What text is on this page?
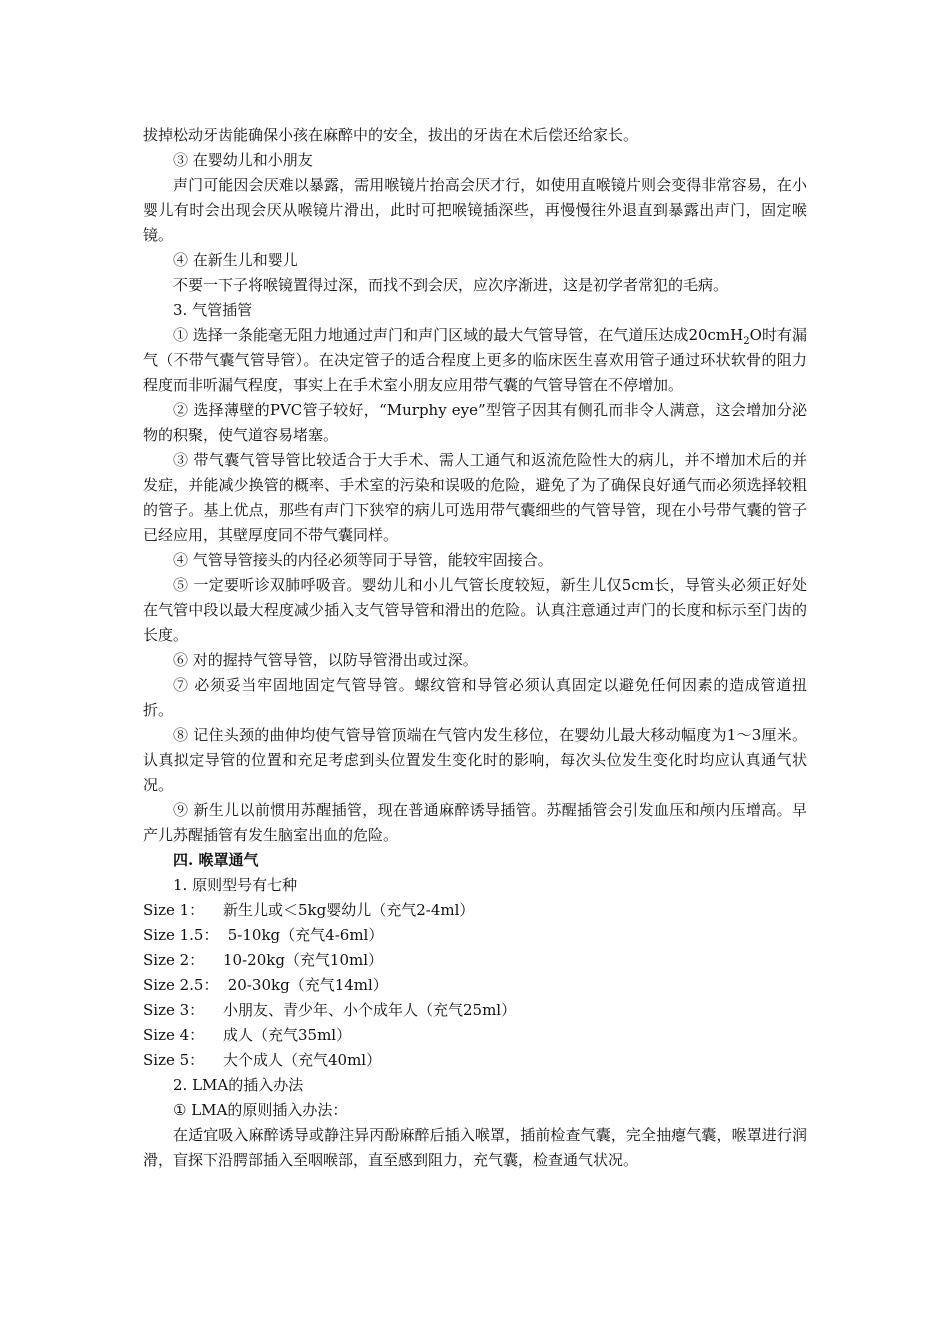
拔掉松动牙齿能确保小孩在麻醉中的安全，拔出的牙齿在术后偿还给家长。

③ 在婴幼儿和小朋友

声门可能因会厌难以暴露，需用喉镜片抬高会厌才行，如使用直喉镜片则会变得非常容易，在小婴儿有时会出现会厌从喉镜片滑出，此时可把喉镜插深些，再慢慢往外退直到暴露出声门，固定喉镜。

④ 在新生儿和婴儿

不要一下子将喉镜置得过深，而找不到会厌，应次序渐进，这是初学者常犯的毛病。

3. 气管插管

① 选择一条能毫无阻力地通过声门和声门区域的最大气管导管，在气道压达成20cmH$_2$O时有漏气（不带气囊气管导管）。在决定管子的适合程度上更多的临床医生喜欢用管子通过环状软骨的阻力程度而非听漏气程度，事实上在手术室小朋友应用带气囊的气管导管在不停增加。

② 选择薄壁的PVC管子较好，“Murphy eye”型管子因其有侧孔而非令人满意，这会增加分泌物的积聚，使气道容易堵塞。

③ 带气囊气管导管比较适合于大手术、需人工通气和返流危险性大的病儿，并不增加术后的并发症，并能减少换管的概率、手术室的污染和误吸的危险，避免了为了确保良好通气而必须选择较粗的管子。基上优点，那些有声门下狭窄的病儿可选用带气囊细些的气管导管，现在小号带气囊的管子已经应用，其壁厚度同不带气囊同样。

④ 气管导管接头的内径必须等同于导管，能较牢固接合。

⑤ 一定要听诊双肺呼吸音。婴幼儿和小儿气管长度较短，新生儿仅5cm长，导管头必须正好处在气管中段以最大程度减少插入支气管导管和滑出的危险。认真注意通过声门的长度和标示至门齿的长度。

⑥ 对的握持气管导管，以防导管滑出或过深。

⑦ 必须妥当牢固地固定气管导管。螺纹管和导管必须认真固定以避免任何因素的造成管道扭折。

⑧ 记住头颈的曲伸均使气管导管顶端在气管内发生移位，在婴幼儿最大移动幅度为1～3厘米。认真拟定导管的位置和充足考虑到头位置发生变化时的影响，每次头位发生变化时均应认真通气状况。

⑨ 新生儿以前惯用苏醒插管，现在普通麻醉诱导插管。苏醒插管会引发血压和颅内压增高。早产儿苏醒插管有发生脑室出血的危险。

四. 喉罩通气

1. 原则型号有七种

Size 1： 新生儿或＜5kg婴幼儿（充气2-4ml）

Size 1.5： 5-10kg（充气4-6ml）

Size 2： 10-20kg（充气10ml）

Size 2.5： 20-30kg（充气14ml）

Size 3： 小朋友、青少年、小个成年人（充气25ml）

Size 4： 成人（充气35ml）

Size 5： 大个成人（充气40ml）

2. LMA的插入办法

① LMA的原则插入办法：

在适宜吸入麻醉诱导或静注异丙酚麻醉后插入喉罩，插前检查气囊，完全抽瘪气囊，喉罩进行润滑，盲探下沿腭部插入至咽喉部，直至感到阻力，充气囊，检查通气状况。
